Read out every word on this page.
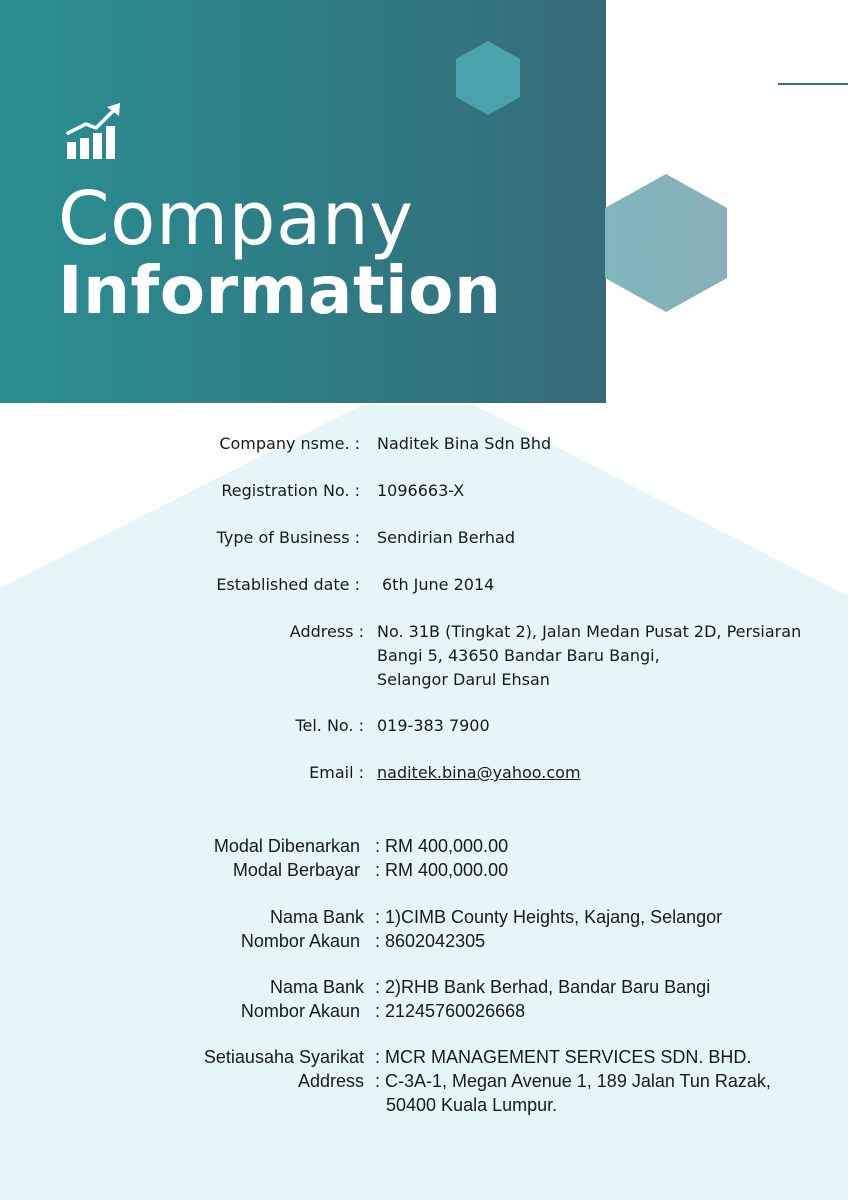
Company
Information
Company nsme. : Naditek Bina Sdn Bhd
Registration No. : 1096663-X
Type of Business : Sendirian Berhad
Established date : 6th June 2014
Address : No. 31B (Tingkat 2), Jalan Medan Pusat 2D, Persiaran
Bangi 5, 43650 Bandar Baru Bangi,
Selangor Darul Ehsan
Tel. No. : 019-383 7900
Email : naditek.bina@yahoo.com
Modal Dibenarkan : RM 400,000.00
Modal Berbayar : RM 400,000.00
Nama Bank : 1)CIMB County Heights, Kajang, Selangor
Nombor Akaun : 8602042305
Nama Bank : 2)RHB Bank Berhad, Bandar Baru Bangi
Nombor Akaun : 21245760026668
Setiausaha Syarikat : MCR MANAGEMENT SERVICES SDN. BHD.
Address : C-3A-1, Megan Avenue 1, 189 Jalan Tun Razak,
50400 Kuala Lumpur.
